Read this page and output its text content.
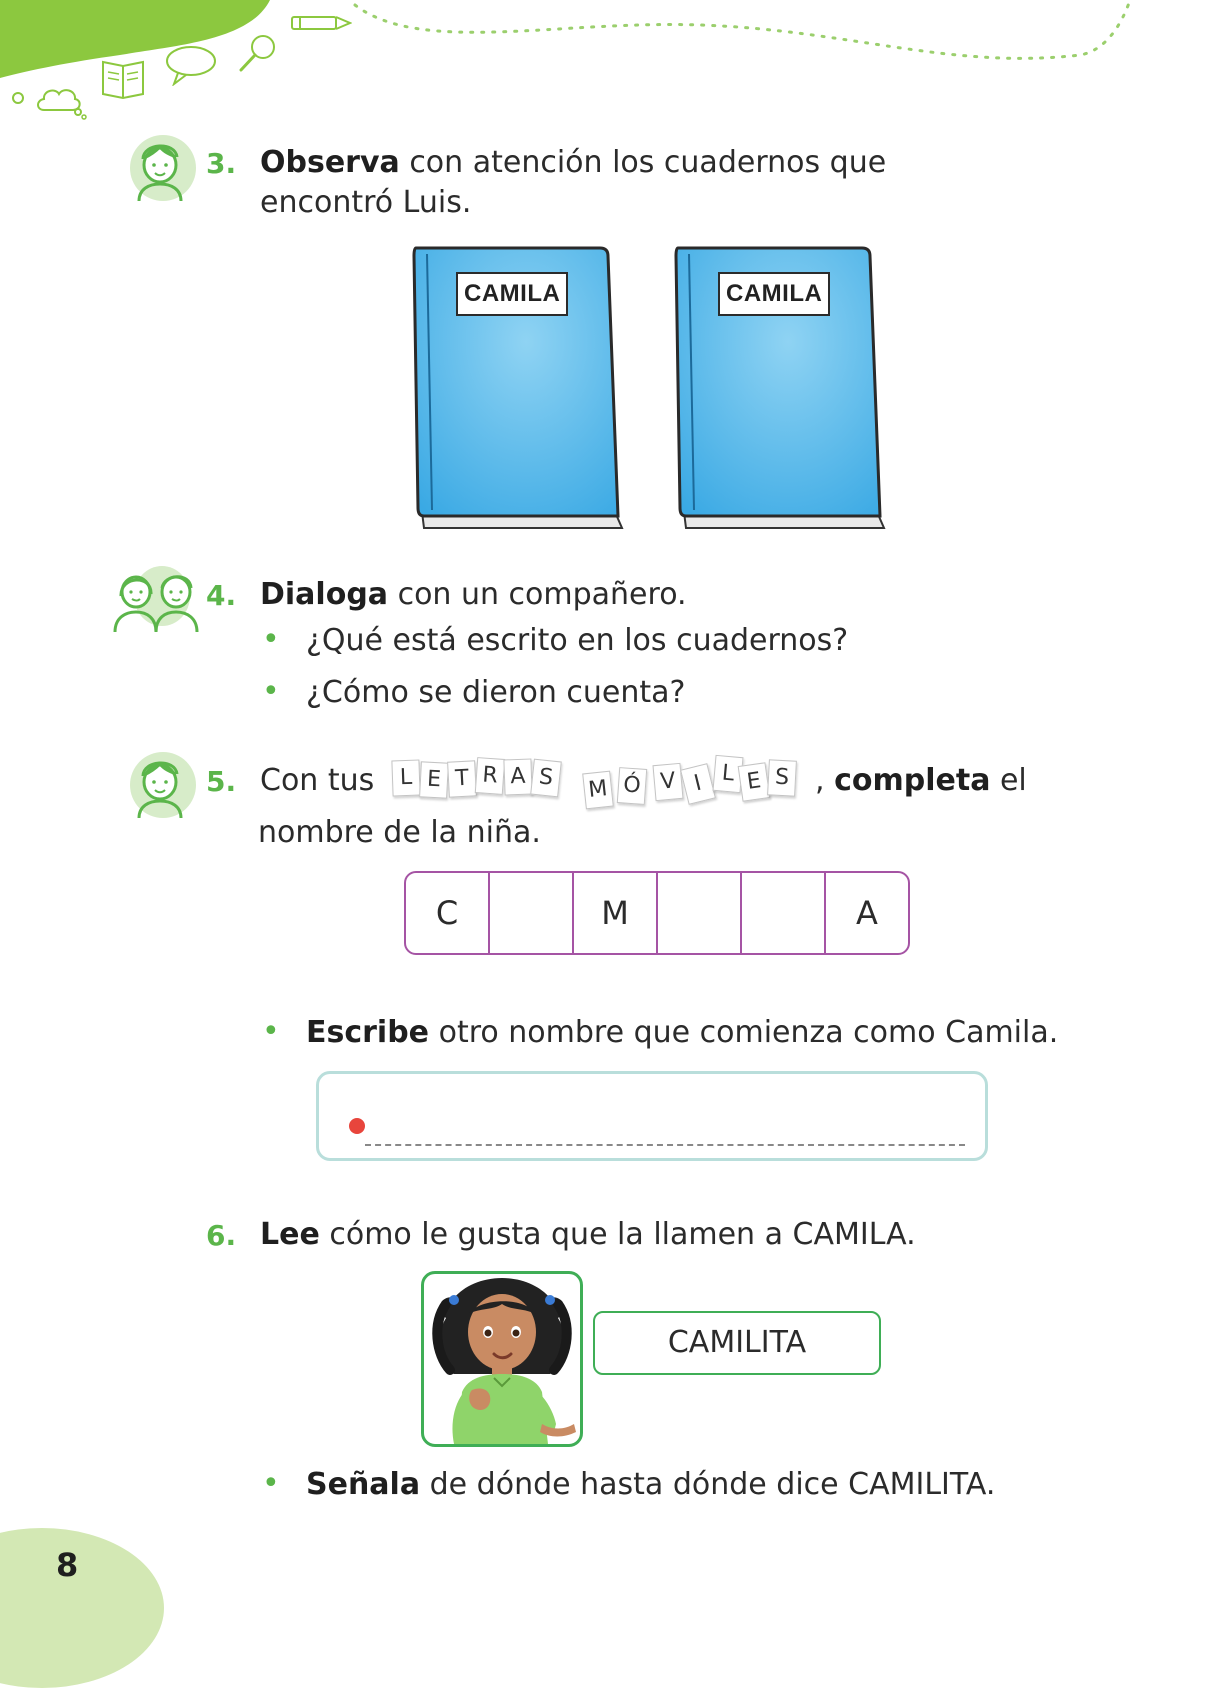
3. Observa con atención los cuadernos que
encontró Luis.
CAMILA	CAMILA
4. Dialoga con un compañero.
• ¿Qué está escrito en los cuadernos?
• ¿Cómo se dieron cuenta?
5. Con tus	L E T R A S	M Ó V I L E S , completa el
nombre de la niña.
C	M	A
• Escribe otro nombre que comienza como Camila.
6. Lee cómo le gusta que la llamen a CAMILA.
CAMILITA
• Señala de dónde hasta dónde dice CAMILITA.
8
